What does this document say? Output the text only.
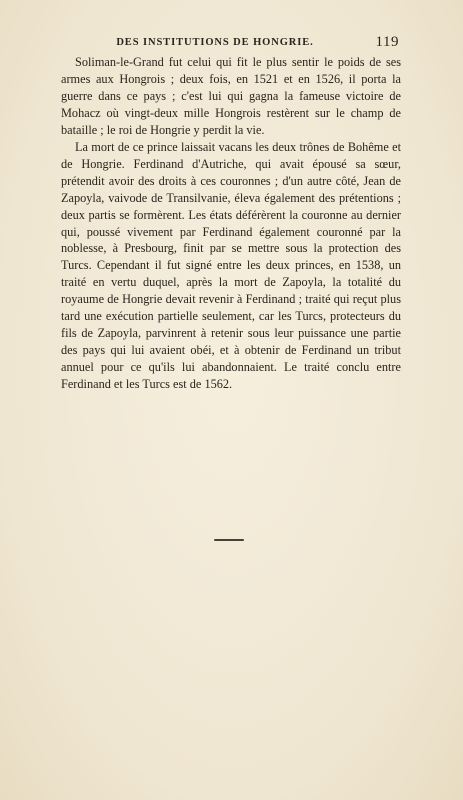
DES INSTITUTIONS DE HONGRIE.	119

Soliman-le-Grand fut celui qui fit le plus sentir le poids de ses armes aux Hongrois ; deux fois, en 1521 et en 1526, il porta la guerre dans ce pays ; c'est lui qui gagna la fameuse victoire de Mohacz où vingt-deux mille Hongrois restèrent sur le champ de bataille ; le roi de Hongrie y perdit la vie.

La mort de ce prince laissait vacans les deux trônes de Bohême et de Hongrie. Ferdinand d'Autriche, qui avait épousé sa sœur, prétendit avoir des droits à ces couronnes ; d'un autre côté, Jean de Zapoyla, vaivode de Transilvanie, éleva également des prétentions ; deux partis se formèrent. Les états déférèrent la couronne au dernier qui, poussé vivement par Ferdinand également couronné par la noblesse, à Presbourg, finit par se mettre sous la protection des Turcs. Cependant il fut signé entre les deux princes, en 1538, un traité en vertu duquel, après la mort de Zapoyla, la totalité du royaume de Hongrie devait revenir à Ferdinand ; traité qui reçut plus tard une exécution partielle seulement, car les Turcs, protecteurs du fils de Zapoyla, parvinrent à retenir sous leur puissance une partie des pays qui lui avaient obéi, et à obtenir de Ferdinand un tribut annuel pour ce qu'ils lui abandonnaient. Le traité conclu entre Ferdinand et les Turcs est de 1562.
